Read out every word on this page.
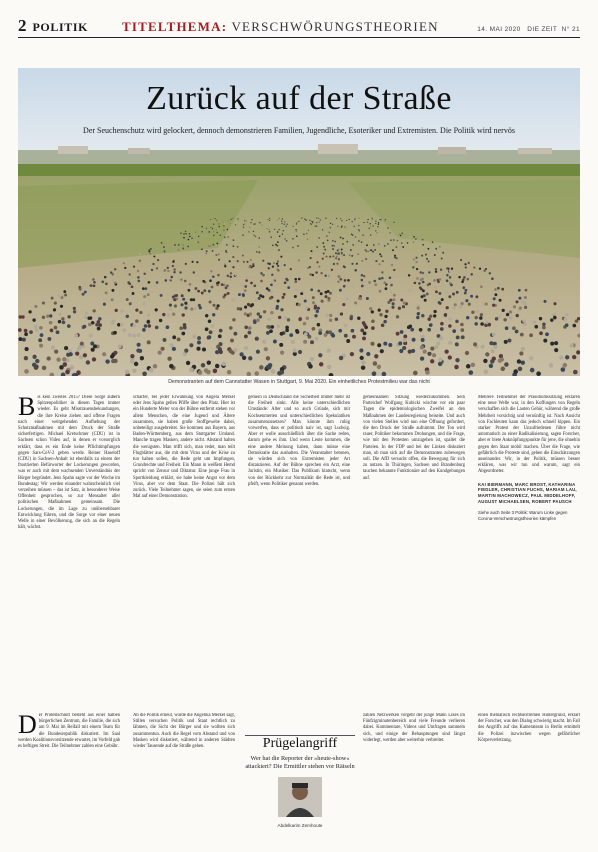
2 POLITIK	TITELTHEMA: VERSCHWÖRUNGSTHEORIEN	14. MAI 2020 DIE ZEIT N° 21
Zurück auf der Straße
Der Seuchenschutz wird gelockert, dennoch demonstrieren Familien, Jugendliche, Esoteriker und Extremisten. Die Politik wird nervös
Demonstranten auf dem Cannstatter Wasen in Stuttgart, 9. Mai 2020. Ein einheitliches Protestmilieu war das nicht
B is kein zweites 2015? Diese Sorge äußern Spitzenpolitiker in diesen Tagen immer wieder. Es geht Misstrauensbekundungen, die ihre Kreise ziehen und offene Fragen nach einer weitgehenden Aufhebung der Schutzmaßnahmen mit dem Druck der Straße sicherfertigen. Michael Kretschmer (CDU) ist in Sachsen schon Video auf, in denen er vorsorglich erklärt, dass es ein Ende keine Pflichtimpfungen gegen Sars-CoV-2 geben werde. Reiner Haseloff (CDU) in Sachsen-Anhalt ist ebenfalls zu einem der frustrierten Befürworter der Lockerungen geworden, was er auch mit dem wachsenden Unverständnis der Bürger begründet. Jens Spahn sagte vor der Woche im Bundestag: Wir werden einander wahrscheinlich viel verzeihen müssen – das ist Satz, in besonderer Weise Offenheit gesprochen, so zur Mensaltet aller politischen Maßnahmen gemeinsam. Die Lockerungen, die im Lage zu unübersehbarer Entwicklung führen, und die Sorge vor einer neuen Welle in einer Bevölkerung, die sich an die Regeln hält, wächst.
schärfer, bei jeder Erwähnung von Angela Merkel oder Jens Spahn gellen Pfiffe über den Platz. Hier ist ein Hunderte Meter von der Bühne entfernt stehen vor allem Menschen, die eine Jugend und Ältere zusammen, sie haben große Stoffgewebe dabei, unbeteiligt ausgebreitet. Sie kommen aus Bayern, aus Baden-Württemberg, aus dem Stuttgarter Umland. Manche tragen Masken, andere nicht. Abstand halten die wenigsten. Man trifft sich, man redet, man teilt Flugblätter aus, die mit dem Virus und der Krise zu tun haben sollen, die Rede geht um Impfungen, Grundrechte und Freiheit. Ein Mann in weißem Hemd spricht von Zensur und Diktatur. Eine junge Frau in Sportkleidung erklärt, sie habe keine Angst vor dem Virus, aber vor dem Staat. Die Polizei hält sich zurück. Viele Teilnehmer sagen, sie seien zum ersten Mal auf einer Demonstration.
gemein in Deutschland die Sicherheit immer mehr ist die Freiheit sinkt. Alle keine unterschiedlichen Umstände: Alter und so auch Gründe, sich mit Kochsenmerten und unterschiedlichen Spekulatiken zusammenzusetzen? Man könnte ihm ruhig vorwerfen, dass er politisch naiv ist, sagt Ludwig. Aber er wolle ausschließlich über die Sache reden, darum gehe es ihm. Und wenn Leute kommen, die eine andere Meinung haben, dann müsse eine Demokratie das aushalten. Die Veranstalter betonen, sie würden sich von Extremisten jeder Art distanzieren. Auf der Bühne sprechen ein Arzt, eine Juristin, ein Musiker. Das Publikum klatscht, wenn von der Rückkehr zur Normalität die Rede ist, und pfeift, wenn Politiker genannt werden.
gemeinsamen Sitzung wiederzukommen. Sein Parteichef Wolfgang Kubicki wischte vor ein paar Tagen die epidemiologischen Zweifel an den Maßnahmen der Landesregierung beiseite. Und auch von vielen Stellen wird nun eine Öffnung gefordert, die den Druck der Straße aufnimmt. Der Ton wird rauer, Politiker bekommen Drohungen, und die Frage, wie mit den Protesten umzugehen ist, spaltet die Parteien. In der FDP und bei der Linken diskutiert man, ob man sich auf die Demonstranten zubewegen soll. Die AfD versucht offen, die Bewegung für sich zu nutzen. In Thüringen, Sachsen und Brandenburg tauchen bekannte Funktionäre auf den Kundgebungen auf.
Mehrere Teilnehmer der Präsidiumssitzung erklären eine neue Welle war, in den Koffungen von Regeln verschaffen sich die Lauten Gehör, während die große Mehrheit vorsichtig und vernünftig ist. Nach Ansicht von Fachleuten kann das jedoch schnell kippen. Ein starker Protest der Unzufriedenen führe nicht automatisch zu einer Radikalisierung, sagen Forscher, aber er biete Anknüpfungspunkte für jene, die ohnehin gegen den Staat mobil machen. Über die Frage, wie gefährlich die Proteste sind, gehen die Einschätzungen auseinander. Wir, in der Politik, müssen besser erklären, was wir tun und warum, sagt ein Abgeordneter.
KAI BIERMANN, MARC BROST, KATHARINA FIEDLER, CHRISTIAN FUCHS, MARIAM LAU, MARTIN MACHOWECZ, PAUL MIDDELHOFF, AUGUST MICHAELSEN, ROBERT PAUSCH
Siehe auch Seite 3 Politik: Warum Linke gegen Corona-Verschwörungstheorien kämpfen
D er Protestschnitt besteht aus einer halben bürgerlichen Zentrum, die Familie, die sich am 9. Mai im Beifall mit einem Team für die Bundesrepublik diskutiert. Im Saal werden Koalitionsvorsitzende erwartet, im Vorfeld gab es heftigen Streit. Die Teilnehmer zahlen eine Gebühr.
Ab die Politik erneut, wurde die Angelika Merkel sagt, Stillen versuchen Politik und Staat rechtlich zu lähmen, die Sicht der Bürger und sie wollten sich zusammentun. Auch die Regel vom Abstand und von Masken wird diskutiert, während in anderen Städten wieder Tausende auf die Straße gehen.
zahlen Netzwerken vorgeht der junge Mann Likes im Fünfzigminutenbereich und viele Freunde verlieren dabei. Kommentare, Videos und Umfragen sammeln sich, und einige der Behauptungen sind längst widerlegt, werden aber weiterhin verbreitet.
einen thematisch rechtsextremen Hintergrund, erklärt der Forscher, was den Dialog schwierig macht. Im Fall des Angriffs auf das Kamerateam in Berlin ermittelt die Polizei inzwischen wegen gefährlicher Körperverletzung.
Prügelangriff
Wer hat die Reporter der »heute-show« attackiert? Die Ermittler stehen vor Rätseln
Abdelkarim Zemhoute
